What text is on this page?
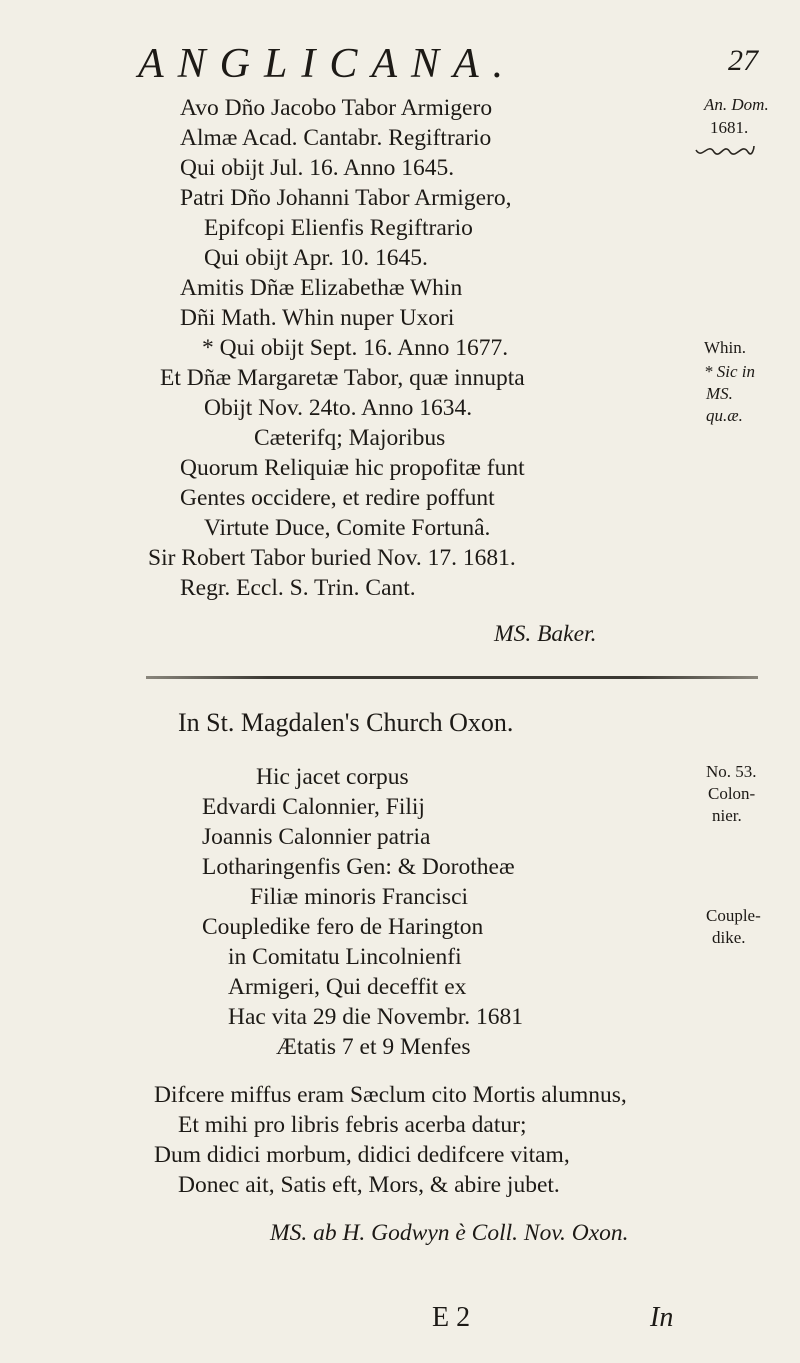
ANGLICANA.	27
An. Dom.
1681.
Avo Dño Jacobo Tabor Armigero
Almæ Acad. Cantabr. Regiftrario
Qui obijt Jul. 16. Anno 1645.
Patri Dño Johanni Tabor Armigero,
Epifcopi Elienfis Regiftrario
Qui obijt Apr. 10. 1645.
Amitis Dñæ Elizabethæ Whin
Dñi Math. Whin nuper Uxori
* Qui obijt Sept. 16. Anno 1677.
Et Dñæ Margaretæ Tabor, quæ innupta
Obijt Nov. 24to. Anno 1634.
Cæterifq; Majoribus
Quorum Reliquiæ hic propofitæ funt
Gentes occidere, et redire poffunt
Virtute Duce, Comite Fortunâ.
Sir Robert Tabor buried Nov. 17. 1681.
Regr. Eccl. S. Trin. Cant.
MS. Baker.
Whin.
* Sic in
MS.
qu.æ.
In St. Magdalen's Church Oxon.
Hic jacet corpus
Edvardi Calonnier, Filij
Joannis Calonnier patria
Lotharingenfis Gen: & Dorotheæ
Filiæ minoris Francisci
Coupledike fero de Harington
in Comitatu Lincolnienfi
Armigeri, Qui deceffit ex
Hac vita 29 die Novembr. 1681
Ætatis 7 et 9 Menfes
Difcere miffus eram Sæclum cito Mortis alumnus,
Et mihi pro libris febris acerba datur;
Dum didici morbum, didici dedifcere vitam,
Donec ait, Satis eft, Mors, & abire jubet.
MS. ab H. Godwyn è Coll. Nov. Oxon.
No. 53.
Colon-
nier.
Couple-
dike.
E 2	In
